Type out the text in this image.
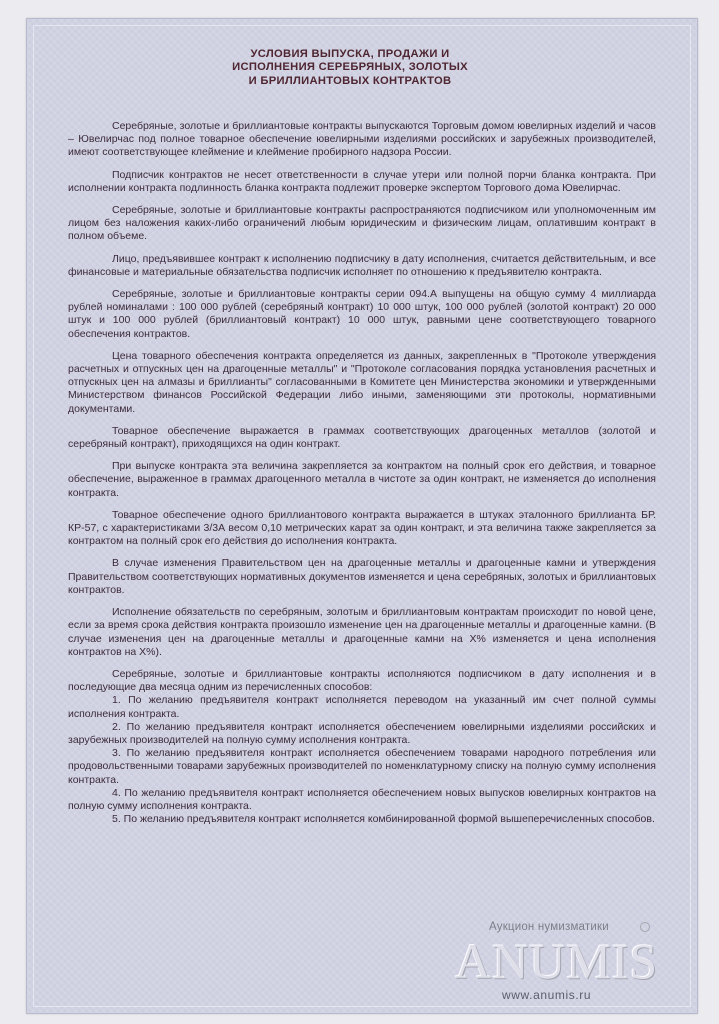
УСЛОВИЯ ВЫПУСКА, ПРОДАЖИ И
ИСПОЛНЕНИЯ СЕРЕБРЯНЫХ, ЗОЛОТЫХ
И БРИЛЛИАНТОВЫХ КОНТРАКТОВ

Серебряные, золотые и бриллиантовые контракты выпускаются Торговым домом ювелирных изделий и часов – Ювелирчас под полное товарное обеспечение ювелирными изделиями российских и зарубежных производителей, имеют соответствующее клеймение и клеймение пробирного надзора России.

Подписчик контрактов не несет ответственности в случае утери или полной порчи бланка контракта. При исполнении контракта подлинность бланка контракта подлежит проверке экспертом Торгового дома Ювелирчас.

Серебряные, золотые и бриллиантовые контракты распространяются подписчиком или уполномоченным им лицом без наложения каких-либо ограничений любым юридическим и физическим лицам, оплатившим контракт в полном объеме.

Лицо, предъявившее контракт к исполнению подписчику в дату исполнения, считается действительным, и все финансовые и материальные обязательства подписчик исполняет по отношению к предъявителю контракта.

Серебряные, золотые и бриллиантовые контракты серии 094.А выпущены на общую сумму 4 миллиарда рублей номиналами : 100 000 рублей (серебряный контракт) 10 000 штук, 100 000 рублей (золотой контракт) 20 000 штук и 100 000 рублей (бриллиантовый контракт) 10 000 штук, равными цене соответствующего товарного обеспечения контрактов.

Цена товарного обеспечения контракта определяется из данных, закрепленных в "Протоколе утверждения расчетных и отпускных цен на драгоценные металлы" и "Протоколе согласования порядка установления расчетных и отпускных цен на алмазы и бриллианты" согласованными в Комитете цен Министерства экономики и утвержденными Министерством финансов Российской Федерации либо иными, заменяющими эти протоколы, нормативными документами.

Товарное обеспечение выражается в граммах соответствующих драгоценных металлов (золотой и серебряный контракт), приходящихся на один контракт.

При выпуске контракта эта величина закрепляется за контрактом на полный срок его действия, и товарное обеспечение, выраженное в граммах драгоценного металла в чистоте за один контракт, не изменяется до исполнения контракта.

Товарное обеспечение одного бриллиантового контракта выражается в штуках эталонного бриллианта БР. КР-57, с характеристиками 3/3А весом 0,10 метрических карат за один контракт, и эта величина также закрепляется за контрактом на полный срок его действия до исполнения контракта.

В случае изменения Правительством цен на драгоценные металлы и драгоценные камни и утверждения Правительством соответствующих нормативных документов изменяется и цена серебряных, золотых и бриллиантовых контрактов.

Исполнение обязательств по серебряным, золотым и бриллиантовым контрактам происходит по новой цене, если за время срока действия контракта произошло изменение цен на драгоценные металлы и драгоценные камни. (В случае изменения цен на драгоценные металлы и драгоценные камни на X% изменяется и цена исполнения контрактов на X%).

Серебряные, золотые и бриллиантовые контракты исполняются подписчиком в дату исполнения и в последующие два месяца одним из перечисленных способов:

1. По желанию предъявителя контракт исполняется переводом на указанный им счет полной суммы исполнения контракта.

2. По желанию предъявителя контракт исполняется обеспечением ювелирными изделиями российских и зарубежных производителей на полную сумму исполнения контракта.

3. По желанию предъявителя контракт исполняется обеспечением товарами народного потребления или продовольственными товарами зарубежных производителей по номенклатурному списку на полную сумму исполнения контракта.

4. По желанию предъявителя контракт исполняется обеспечением новых выпусков ювелирных контрактов на полную сумму исполнения контракта.

5. По желанию предъявителя контракт исполняется комбинированной формой вышеперечисленных способов.

Аукцион нумизматики
ANUMIS
www.anumis.ru
